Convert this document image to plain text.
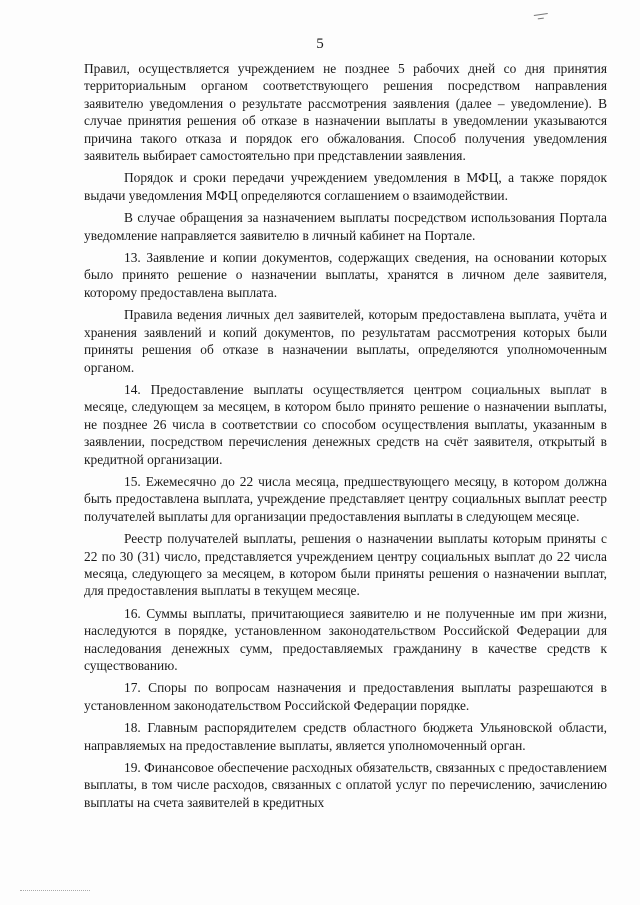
5

Правил, осуществляется учреждением не позднее 5 рабочих дней со дня принятия территориальным органом соответствующего решения посредством направления заявителю уведомления о результате рассмотрения заявления (далее – уведомление). В случае принятия решения об отказе в назначении выплаты в уведомлении указываются причина такого отказа и порядок его обжалования. Способ получения уведомления заявитель выбирает самостоятельно при представлении заявления.

Порядок и сроки передачи учреждением уведомления в МФЦ, а также порядок выдачи уведомления МФЦ определяются соглашением о взаимодействии.

В случае обращения за назначением выплаты посредством использования Портала уведомление направляется заявителю в личный кабинет на Портале.

13. Заявление и копии документов, содержащих сведения, на основании которых было принято решение о назначении выплаты, хранятся в личном деле заявителя, которому предоставлена выплата.

Правила ведения личных дел заявителей, которым предоставлена выплата, учёта и хранения заявлений и копий документов, по результатам рассмотрения которых были приняты решения об отказе в назначении выплаты, определяются уполномоченным органом.

14. Предоставление выплаты осуществляется центром социальных выплат в месяце, следующем за месяцем, в котором было принято решение о назначении выплаты, не позднее 26 числа в соответствии со способом осуществления выплаты, указанным в заявлении, посредством перечисления денежных средств на счёт заявителя, открытый в кредитной организации.

15. Ежемесячно до 22 числа месяца, предшествующего месяцу, в котором должна быть предоставлена выплата, учреждение представляет центру социальных выплат реестр получателей выплаты для организации предоставления выплаты в следующем месяце.

Реестр получателей выплаты, решения о назначении выплаты которым приняты с 22 по 30 (31) число, представляется учреждением центру социальных выплат до 22 числа месяца, следующего за месяцем, в котором были приняты решения о назначении выплат, для предоставления выплаты в текущем месяце.

16. Суммы выплаты, причитающиеся заявителю и не полученные им при жизни, наследуются в порядке, установленном законодательством Российской Федерации для наследования денежных сумм, предоставляемых гражданину в качестве средств к существованию.

17. Споры по вопросам назначения и предоставления выплаты разрешаются в установленном законодательством Российской Федерации порядке.

18. Главным распорядителем средств областного бюджета Ульяновской области, направляемых на предоставление выплаты, является уполномоченный орган.

19. Финансовое обеспечение расходных обязательств, связанных с предоставлением выплаты, в том числе расходов, связанных с оплатой услуг по перечислению, зачислению выплаты на счета заявителей в кредитных
